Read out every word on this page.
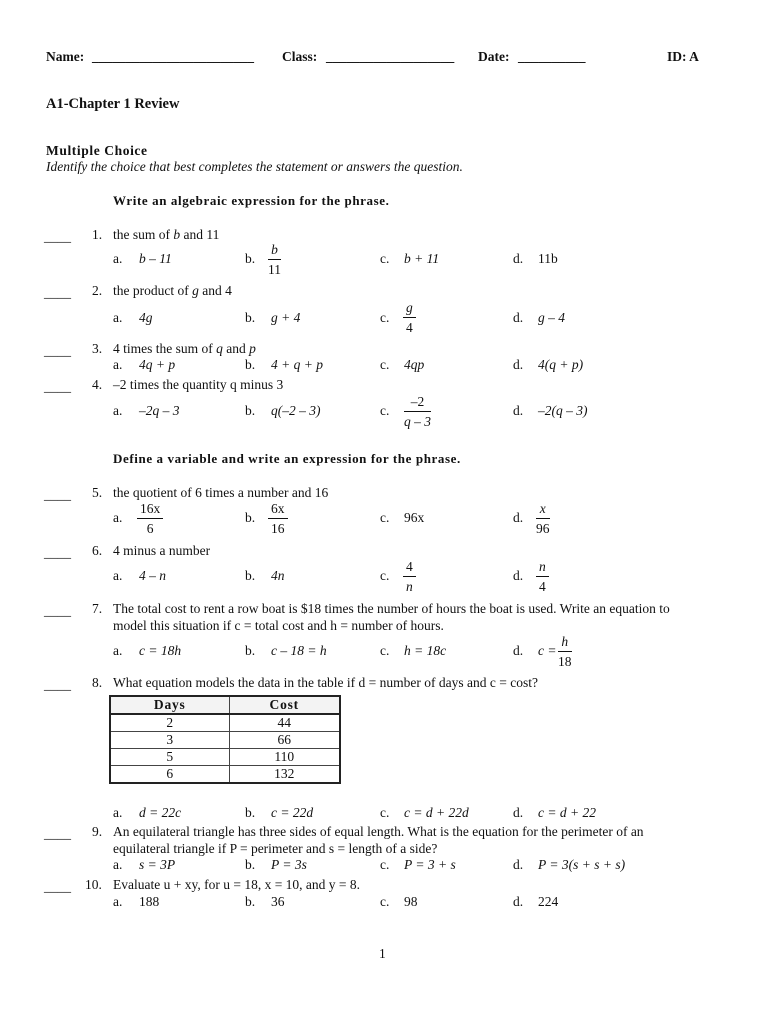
Name: ________________________ Class: ___________________ Date: __________	ID: A
A1-Chapter 1 Review
Multiple Choice
Identify the choice that best completes the statement or answers the question.
Write an algebraic expression for the phrase.
____ 1. the sum of b and 11
a. b – 11	b. $\frac{b}{11}$	c. b + 11	d. 11b
____ 2. the product of g and 4
a. 4g	b. g + 4	c. $\frac{g}{4}$	d. g – 4
____ 3. 4 times the sum of q and p
a. 4q + p	b. 4 + q + p	c. 4qp	d. 4(q + p)
____ 4. –2 times the quantity q minus 3
a. –2q – 3	b. q(–2 – 3)	c. $\frac{-2}{q - 3}$	d. –2(q – 3)
Define a variable and write an expression for the phrase.
____ 5. the quotient of 6 times a number and 16
a. $\frac{16x}{6}$	b. $\frac{6x}{16}$	c. 96x	d. $\frac{x}{96}$
____ 6. 4 minus a number
a. 4 – n	b. 4n	c. $\frac{4}{n}$	d. $\frac{n}{4}$
____ 7. The total cost to rent a row boat is $18 times the number of hours the boat is used. Write an equation to
model this situation if c = total cost and h = number of hours.
a. c = 18h	b. c – 18 = h	c. h = 18c	d. $c = \frac{h}{18}$
____ 8. What equation models the data in the table if d = number of days and c = cost?
Days	Cost
2	44
3	66
5	110
6	132
a. d = 22c	b. c = 22d	c. c = d + 22d	d. c = d + 22
____ 9. An equilateral triangle has three sides of equal length. What is the equation for the perimeter of an
equilateral triangle if P = perimeter and s = length of a side?
a. s = 3P	b. P = 3s	c. P = 3 + s	d. P = 3(s + s + s)
____ 10. Evaluate u + xy, for u = 18, x = 10, and y = 8.
a. 188	b. 36	c. 98	d. 224
1
